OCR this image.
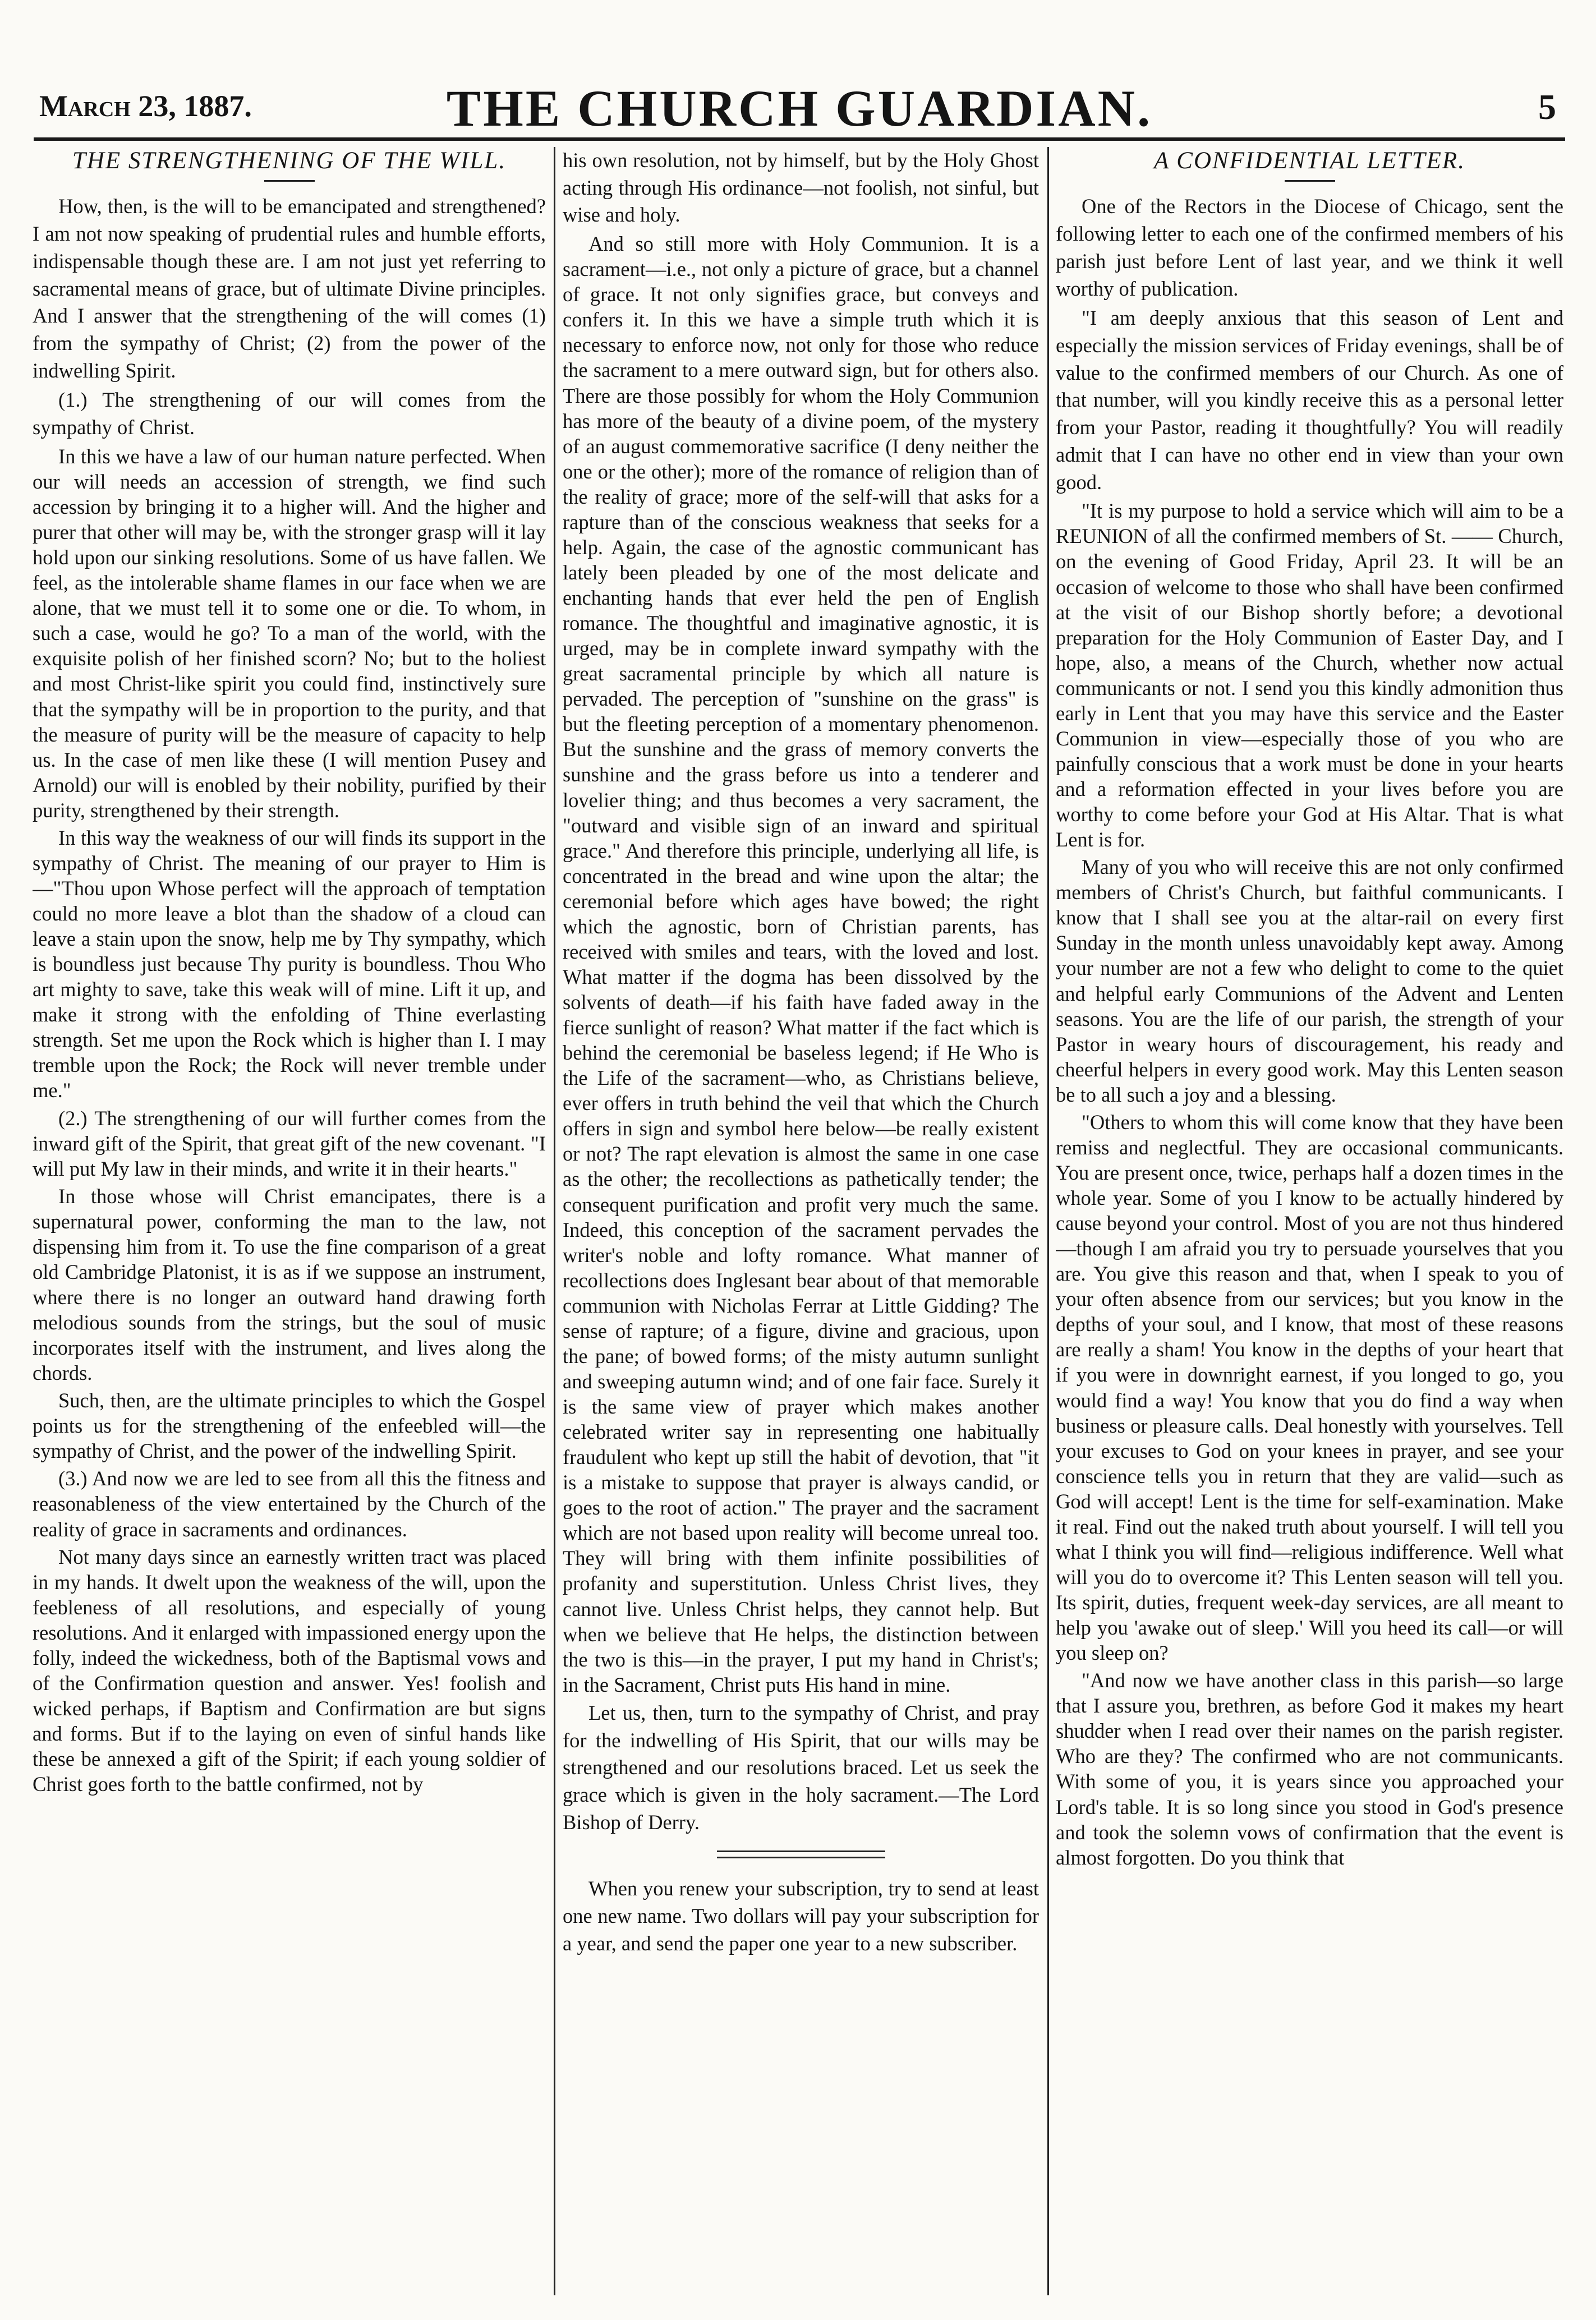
March 23, 1887.	THE CHURCH GUARDIAN.	5
THE STRENGTHENING OF THE WILL.

How, then, is the will to be emancipated and strengthened? I am not now speaking of prudential rules and humble efforts, indispensable though these are. I am not just yet referring to sacramental means of grace, but of ultimate Divine principles. And I answer that the strengthening of the will comes (1) from the sympathy of Christ; (2) from the power of the indwelling Spirit.

(1.) The strengthening of our will comes from the sympathy of Christ.

In this we have a law of our human nature perfected. When our will needs an accession of strength, we find such accession by bringing it to a higher will. And the higher and purer that other will may be, with the stronger grasp will it lay hold upon our sinking resolutions. Some of us have fallen. We feel, as the intolerable shame flames in our face when we are alone, that we must tell it to some one or die. To whom, in such a case, would he go? To a man of the world, with the exquisite polish of her finished scorn? No; but to the holiest and most Christ-like spirit you could find, instinctively sure that the sympathy will be in proportion to the purity, and that the measure of purity will be the measure of capacity to help us. In the case of men like these (I will mention Pusey and Arnold) our will is enobled by their nobility, purified by their purity, strengthened by their strength.

In this way the weakness of our will finds its support in the sympathy of Christ. The meaning of our prayer to Him is—"Thou upon Whose perfect will the approach of temptation could no more leave a blot than the shadow of a cloud can leave a stain upon the snow, help me by Thy sympathy, which is boundless just because Thy purity is boundless. Thou Who art mighty to save, take this weak will of mine. Lift it up, and make it strong with the enfolding of Thine everlasting strength. Set me upon the Rock which is higher than I. I may tremble upon the Rock; the Rock will never tremble under me."

(2.) The strengthening of our will further comes from the inward gift of the Spirit, that great gift of the new covenant. "I will put My law in their minds, and write it in their hearts."

In those whose will Christ emancipates, there is a supernatural power, conforming the man to the law, not dispensing him from it. To use the fine comparison of a great old Cambridge Platonist, it is as if we suppose an instrument, where there is no longer an outward hand drawing forth melodious sounds from the strings, but the soul of music incorporates itself with the instrument, and lives along the chords.

Such, then, are the ultimate principles to which the Gospel points us for the strengthening of the enfeebled will—the sympathy of Christ, and the power of the indwelling Spirit.

(3.) And now we are led to see from all this the fitness and reasonableness of the view entertained by the Church of the reality of grace in sacraments and ordinances.

Not many days since an earnestly written tract was placed in my hands. It dwelt upon the weakness of the will, upon the feebleness of all resolutions, and especially of young resolutions. And it enlarged with impassioned energy upon the folly, indeed the wickedness, both of the Baptismal vows and of the Confirmation question and answer. Yes! foolish and wicked perhaps, if Baptism and Confirmation are but signs and forms. But if to the laying on even of sinful hands like these be annexed a gift of the Spirit; if each young soldier of Christ goes forth to the battle confirmed, not by

his own resolution, not by himself, but by the Holy Ghost acting through His ordinance—not foolish, not sinful, but wise and holy.

And so still more with Holy Communion. It is a sacrament—i.e., not only a picture of grace, but a channel of grace. It not only signifies grace, but conveys and confers it. In this we have a simple truth which it is necessary to enforce now, not only for those who reduce the sacrament to a mere outward sign, but for others also. There are those possibly for whom the Holy Communion has more of the beauty of a divine poem, of the mystery of an august commemorative sacrifice (I deny neither the one or the other); more of the romance of religion than of the reality of grace; more of the self-will that asks for a rapture than of the conscious weakness that seeks for a help. Again, the case of the agnostic communicant has lately been pleaded by one of the most delicate and enchanting hands that ever held the pen of English romance. The thoughtful and imaginative agnostic, it is urged, may be in complete inward sympathy with the great sacramental principle by which all nature is pervaded. The perception of "sunshine on the grass" is but the fleeting perception of a momentary phenomenon. But the sunshine and the grass of memory converts the sunshine and the grass before us into a tenderer and lovelier thing; and thus becomes a very sacrament, the "outward and visible sign of an inward and spiritual grace." And therefore this principle, underlying all life, is concentrated in the bread and wine upon the altar; the ceremonial before which ages have bowed; the right which the agnostic, born of Christian parents, has received with smiles and tears, with the loved and lost. What matter if the dogma has been dissolved by the solvents of death—if his faith have faded away in the fierce sunlight of reason? What matter if the fact which is behind the ceremonial be baseless legend; if He Who is the Life of the sacrament—who, as Christians believe, ever offers in truth behind the veil that which the Church offers in sign and symbol here below—be really existent or not? The rapt elevation is almost the same in one case as the other; the recollections as pathetically tender; the consequent purification and profit very much the same. Indeed, this conception of the sacrament pervades the writer's noble and lofty romance. What manner of recollections does Inglesant bear about of that memorable communion with Nicholas Ferrar at Little Gidding? The sense of rapture; of a figure, divine and gracious, upon the pane; of bowed forms; of the misty autumn sunlight and sweeping autumn wind; and of one fair face. Surely it is the same view of prayer which makes another celebrated writer say in representing one habitually fraudulent who kept up still the habit of devotion, that "it is a mistake to suppose that prayer is always candid, or goes to the root of action." The prayer and the sacrament which are not based upon reality will become unreal too. They will bring with them infinite possibilities of profanity and superstitution. Unless Christ lives, they cannot live. Unless Christ helps, they cannot help. But when we believe that He helps, the distinction between the two is this—in the prayer, I put my hand in Christ's; in the Sacrament, Christ puts His hand in mine.

Let us, then, turn to the sympathy of Christ, and pray for the indwelling of His Spirit, that our wills may be strengthened and our resolutions braced. Let us seek the grace which is given in the holy sacrament.—The Lord Bishop of Derry.

When you renew your subscription, try to send at least one new name. Two dollars will pay your subscription for a year, and send the paper one year to a new subscriber.

A CONFIDENTIAL LETTER.

One of the Rectors in the Diocese of Chicago, sent the following letter to each one of the confirmed members of his parish just before Lent of last year, and we think it well worthy of publication.

"I am deeply anxious that this season of Lent and especially the mission services of Friday evenings, shall be of value to the confirmed members of our Church. As one of that number, will you kindly receive this as a personal letter from your Pastor, reading it thoughtfully? You will readily admit that I can have no other end in view than your own good.

"It is my purpose to hold a service which will aim to be a REUNION of all the confirmed members of St. —— Church, on the evening of Good Friday, April 23. It will be an occasion of welcome to those who shall have been confirmed at the visit of our Bishop shortly before; a devotional preparation for the Holy Communion of Easter Day, and I hope, also, a means of the Church, whether now actual communicants or not. I send you this kindly admonition thus early in Lent that you may have this service and the Easter Communion in view—especially those of you who are painfully conscious that a work must be done in your hearts and a reformation effected in your lives before you are worthy to come before your God at His Altar. That is what Lent is for.

Many of you who will receive this are not only confirmed members of Christ's Church, but faithful communicants. I know that I shall see you at the altar-rail on every first Sunday in the month unless unavoidably kept away. Among your number are not a few who delight to come to the quiet and helpful early Communions of the Advent and Lenten seasons. You are the life of our parish, the strength of your Pastor in weary hours of discouragement, his ready and cheerful helpers in every good work. May this Lenten season be to all such a joy and a blessing.

"Others to whom this will come know that they have been remiss and neglectful. They are occasional communicants. You are present once, twice, perhaps half a dozen times in the whole year. Some of you I know to be actually hindered by cause beyond your control. Most of you are not thus hindered—though I am afraid you try to persuade yourselves that you are. You give this reason and that, when I speak to you of your often absence from our services; but you know in the depths of your soul, and I know, that most of these reasons are really a sham! You know in the depths of your heart that if you were in downright earnest, if you longed to go, you would find a way! You know that you do find a way when business or pleasure calls. Deal honestly with yourselves. Tell your excuses to God on your knees in prayer, and see your conscience tells you in return that they are valid—such as God will accept! Lent is the time for self-examination. Make it real. Find out the naked truth about yourself. I will tell you what I think you will find—religious indifference. Well what will you do to overcome it? This Lenten season will tell you. Its spirit, duties, frequent week-day services, are all meant to help you 'awake out of sleep.' Will you heed its call—or will you sleep on?

"And now we have another class in this parish—so large that I assure you, brethren, as before God it makes my heart shudder when I read over their names on the parish register. Who are they? The confirmed who are not communicants. With some of you, it is years since you approached your Lord's table. It is so long since you stood in God's presence and took the solemn vows of confirmation that the event is almost forgotten. Do you think that
